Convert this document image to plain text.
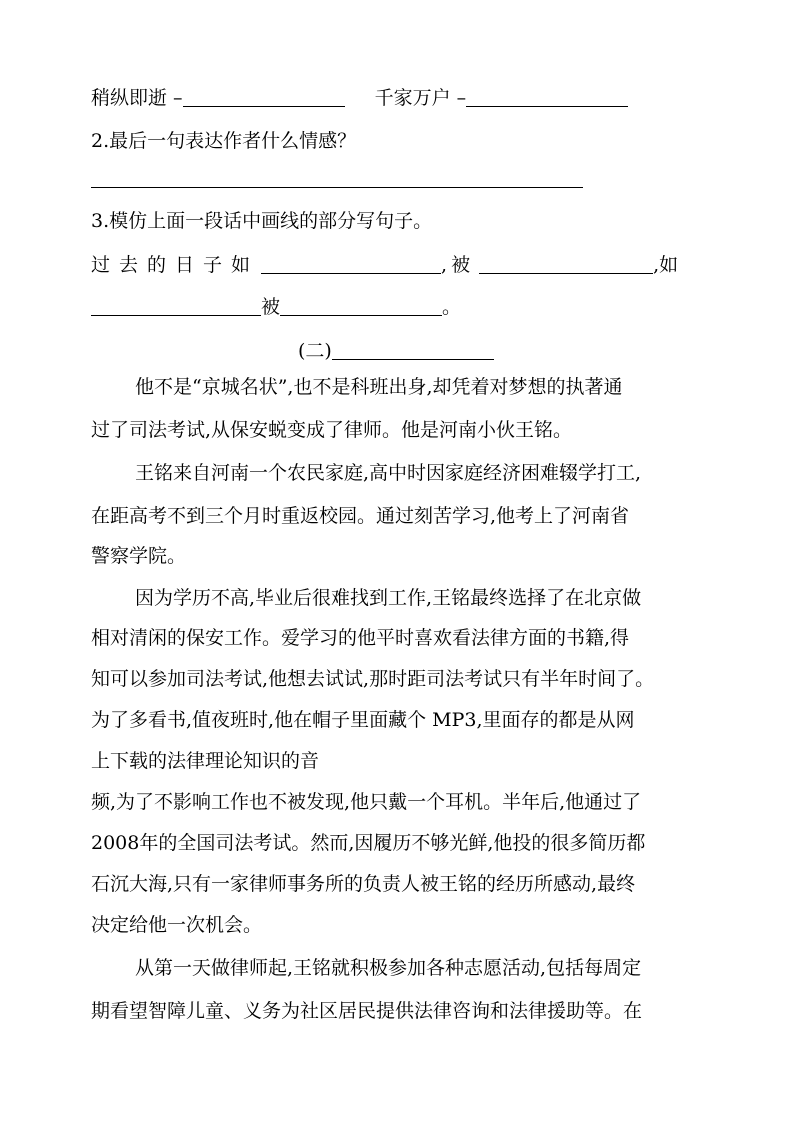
稍纵即逝 –	千家万户 –
2.最后一句表达作者什么情感？
3.模仿上面一段话中画线的部分写句子。
过去的日子如	, 被	,如
被	。
(二)
他不是“京城名状”,也不是科班出身,却凭着对梦想的执著通
过了司法考试,从保安蜕变成了律师。他是河南小伙王铭。
王铭来自河南一个农民家庭,高中时因家庭经济困难辍学打工,
在距高考不到三个月时重返校园。通过刻苦学习,他考上了河南省
警察学院。
因为学历不高,毕业后很难找到工作,王铭最终选择了在北京做
相对清闲的保安工作。爱学习的他平时喜欢看法律方面的书籍,得
知可以参加司法考试,他想去试试,那时距司法考试只有半年时间了。
为了多看书,值夜班时,他在帽子里面藏个 MP3,里面存的都是从网
上下载的法律理论知识的音
频,为了不影响工作也不被发现,他只戴一个耳机。半年后,他通过了
2008年的全国司法考试。然而,因履历不够光鲜,他投的很多简历都
石沉大海,只有一家律师事务所的负责人被王铭的经历所感动,最终
决定给他一次机会。
从第一天做律师起,王铭就积极参加各种志愿活动,包括每周定
期看望智障儿童、义务为社区居民提供法律咨询和法律援助等。在
